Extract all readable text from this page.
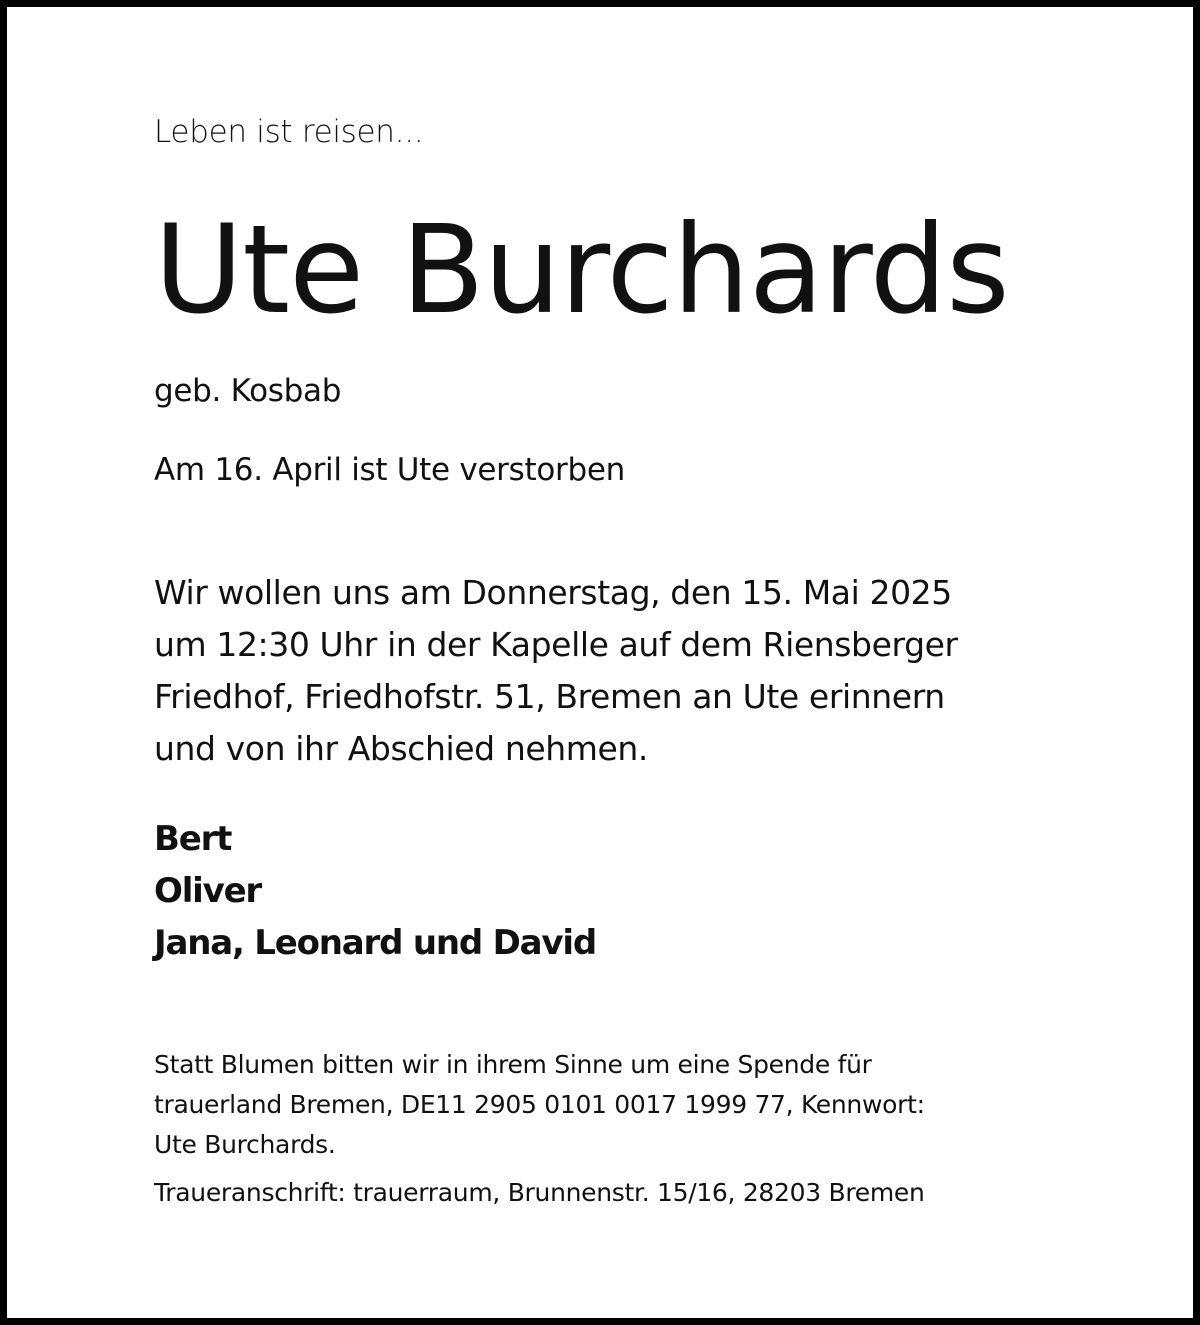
Leben ist reisen...
Ute Burchards
geb. Kosbab
Am 16. April ist Ute verstorben
Wir wollen uns am Donnerstag, den 15. Mai 2025
um 12:30 Uhr in der Kapelle auf dem Riensberger
Friedhof, Friedhofstr. 51, Bremen an Ute erinnern
und von ihr Abschied nehmen.
Bert
Oliver
Jana, Leonard und David
Statt Blumen bitten wir in ihrem Sinne um eine Spende für
trauerland Bremen, DE11 2905 0101 0017 1999 77, Kennwort:
Ute Burchards.
Traueranschrift: trauerraum, Brunnenstr. 15/16, 28203 Bremen
